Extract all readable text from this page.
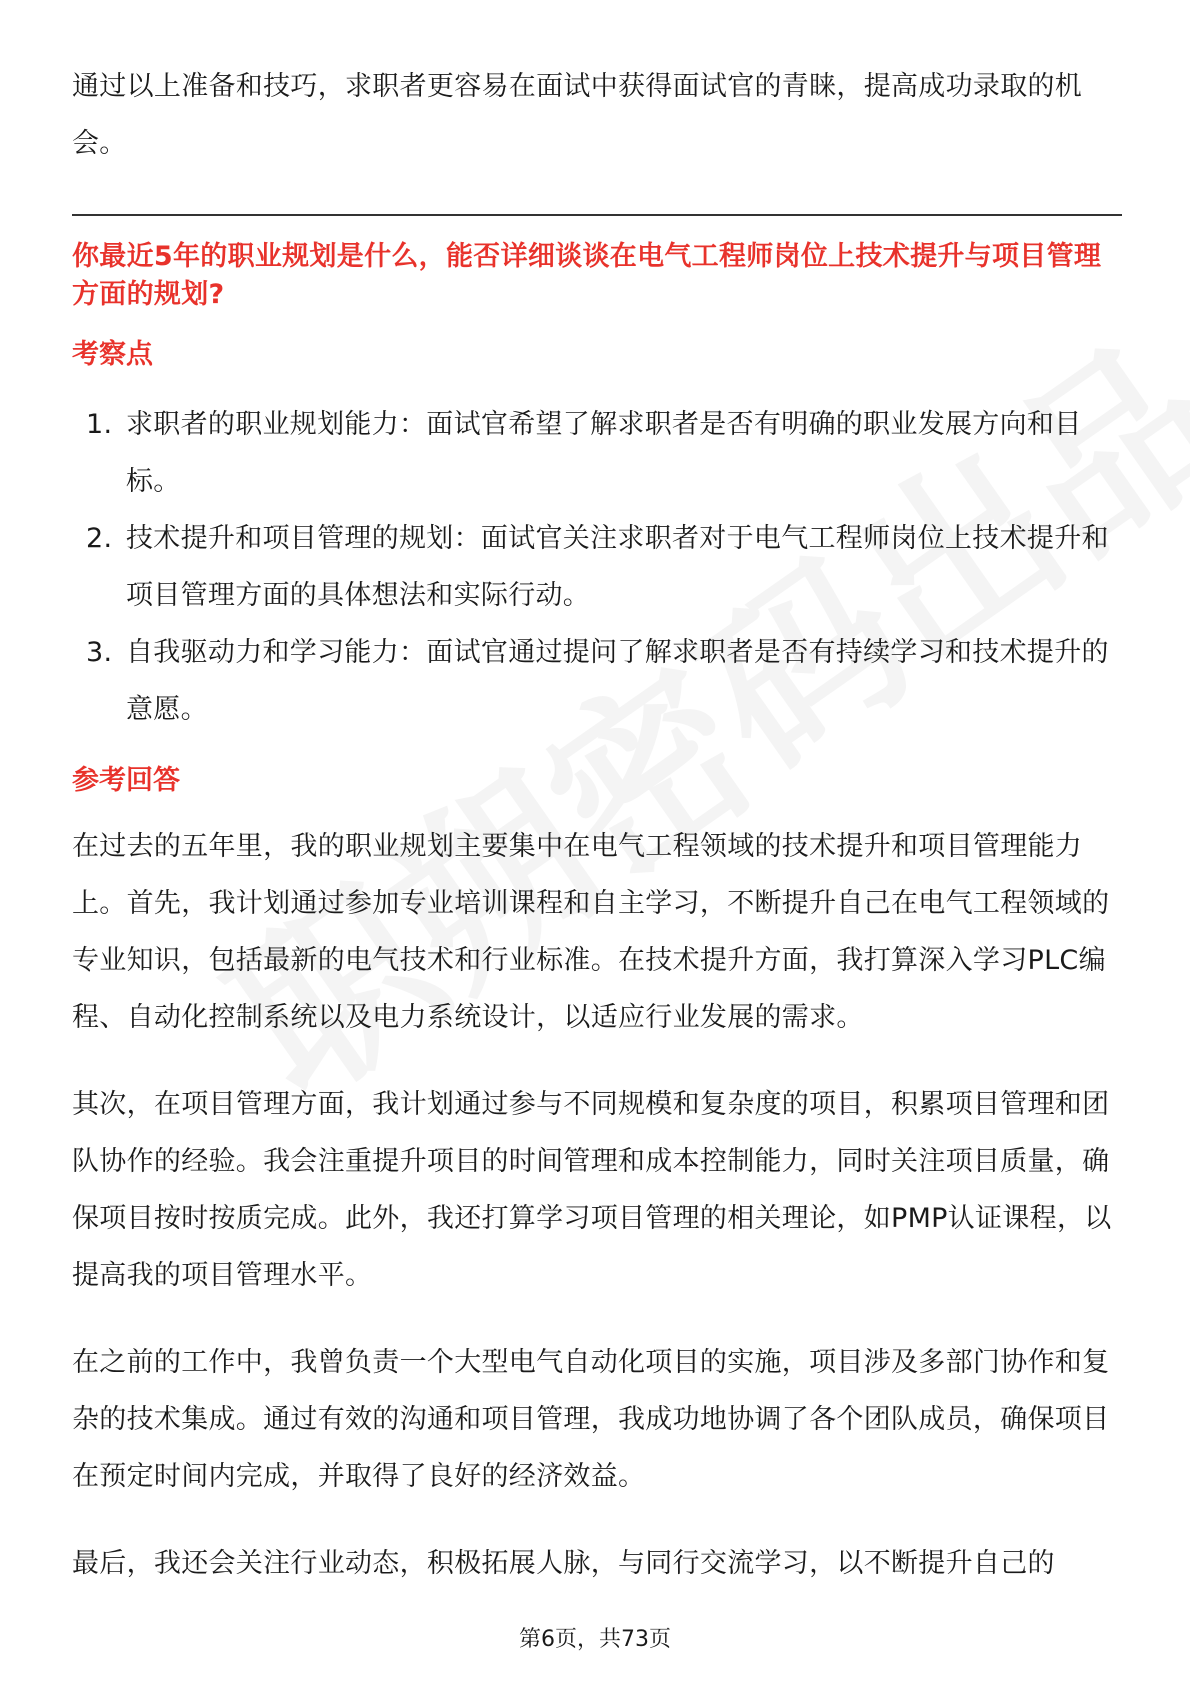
通过以上准备和技巧，求职者更容易在面试中获得面试官的青睐，提高成功录取的机会。

你最近5年的职业规划是什么，能否详细谈谈在电气工程师岗位上技术提升与项目管理方面的规划?
考察点
1. 求职者的职业规划能力：面试官希望了解求职者是否有明确的职业发展方向和目标。
2. 技术提升和项目管理的规划：面试官关注求职者对于电气工程师岗位上技术提升和项目管理方面的具体想法和实际行动。
3. 自我驱动力和学习能力：面试官通过提问了解求职者是否有持续学习和技术提升的意愿。
参考回答

在过去的五年里，我的职业规划主要集中在电气工程领域的技术提升和项目管理能力上。首先，我计划通过参加专业培训课程和自主学习，不断提升自己在电气工程领域的专业知识，包括最新的电气技术和行业标准。在技术提升方面，我打算深入学习PLC编程、自动化控制系统以及电力系统设计，以适应行业发展的需求。

其次，在项目管理方面，我计划通过参与不同规模和复杂度的项目，积累项目管理和团队协作的经验。我会注重提升项目的时间管理和成本控制能力，同时关注项目质量，确保项目按时按质完成。此外，我还打算学习项目管理的相关理论，如PMP认证课程，以提高我的项目管理水平。

在之前的工作中，我曾负责一个大型电气自动化项目的实施，项目涉及多部门协作和复杂的技术集成。通过有效的沟通和项目管理，我成功地协调了各个团队成员，确保项目在预定时间内完成，并取得了良好的经济效益。

最后，我还会关注行业动态，积极拓展人脉，与同行交流学习，以不断提升自己的

第6页，共73页
